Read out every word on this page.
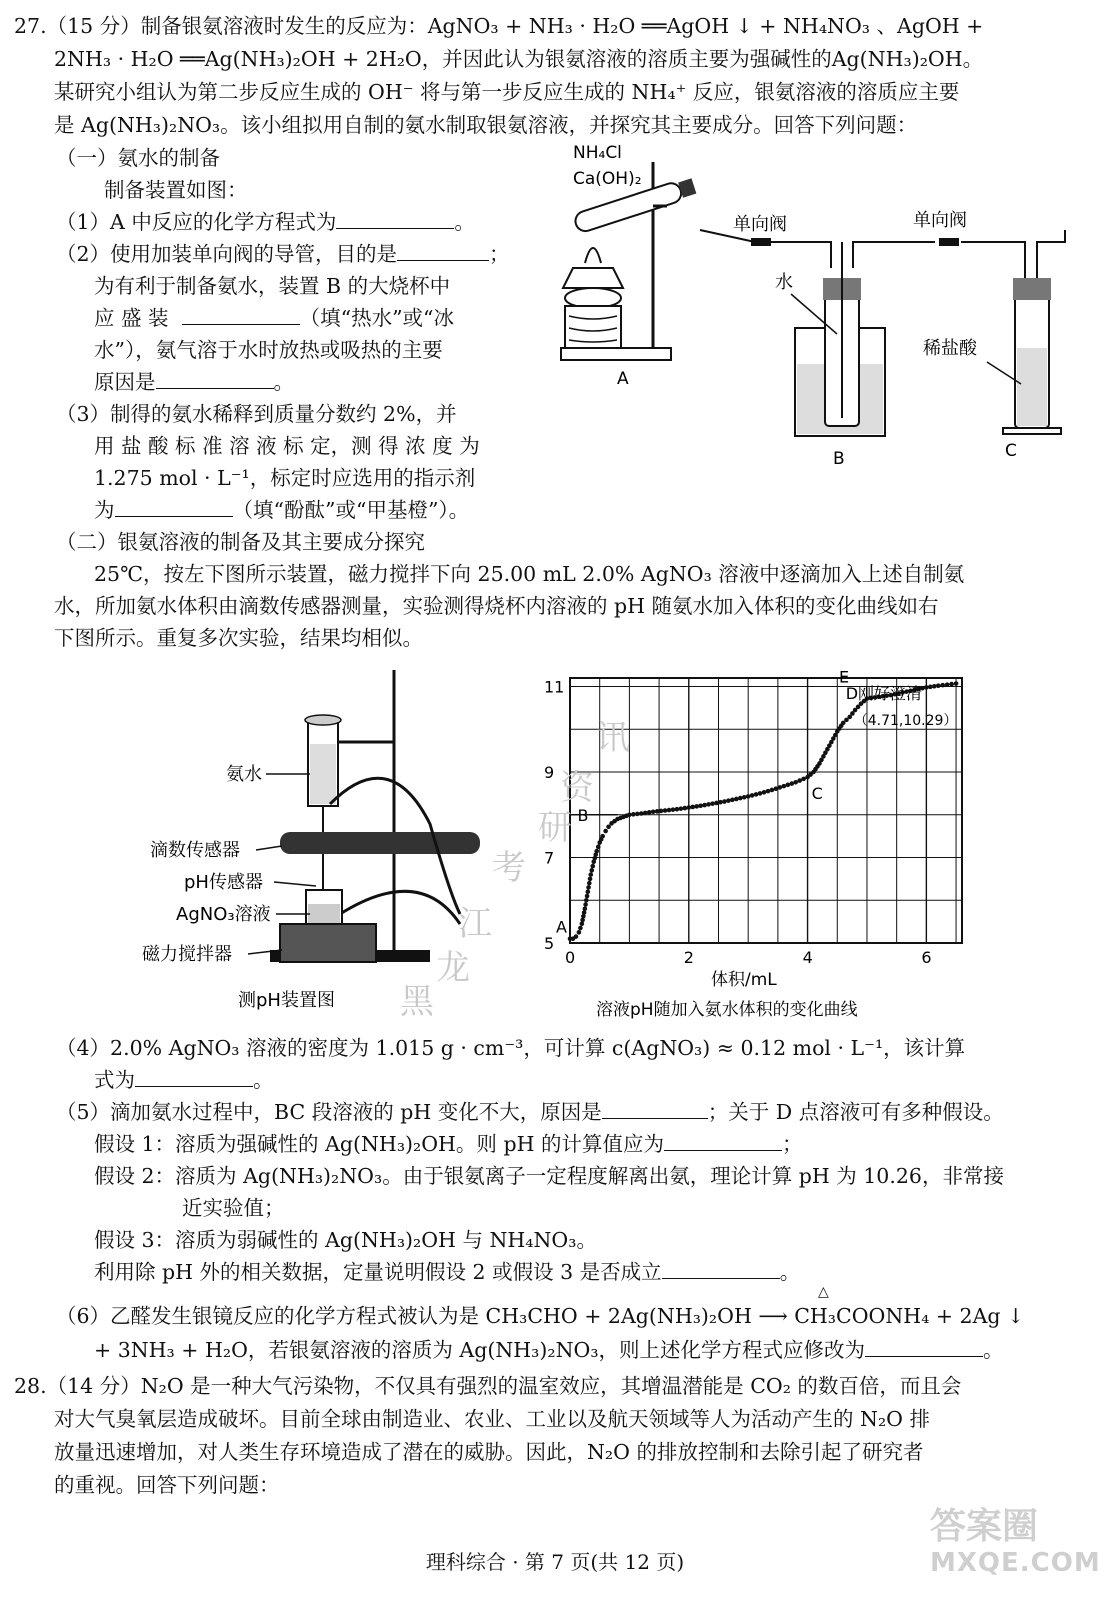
27.（15 分）制备银氨溶液时发生的反应为：AgNO₃ + NH₃ · H₂O ══AgOH ↓ + NH₄NO₃ 、AgOH +
2NH₃ · H₂O ══Ag(NH₃)₂OH + 2H₂O，并因此认为银氨溶液的溶质主要为强碱性的Ag(NH₃)₂OH。
某研究小组认为第二步反应生成的 OH⁻ 将与第一步反应生成的 NH₄⁺ 反应，银氨溶液的溶质应主要
是 Ag(NH₃)₂NO₃。该小组拟用自制的氨水制取银氨溶液，并探究其主要成分。回答下列问题：
（一）氨水的制备
制备装置如图：
（1）A 中反应的化学方程式为	。
（2）使用加装单向阀的导管，目的是	；
为有利于制备氨水，装置 B 的大烧杯中
应 盛 装	（填“热水”或“冰
水”），氨气溶于水时放热或吸热的主要
原因是	。
（3）制得的氨水稀释到质量分数约 2%，并
用 盐 酸 标 准 溶 液 标 定，测 得 浓 度 为
1.275 mol · L⁻¹，标定时应选用的指示剂
为	（填“酚酞”或“甲基橙”）。
NH₄Cl
Ca(OH)₂
单向阀
水
B
A
单向阀
稀盐酸
C
（二）银氨溶液的制备及其主要成分探究
25℃，按左下图所示装置，磁力搅拌下向 25.00 mL 2.0% AgNO₃ 溶液中逐滴加入上述自制氨
水，所加氨水体积由滴数传感器测量，实验测得烧杯内溶液的 pH 随氨水加入体积的变化曲线如右
下图所示。重复多次实验，结果均相似。
氨水
滴数传感器
pH传感器
AgNO₃溶液
磁力搅拌器
测pH装置图
0	2	4	6
5
7
9
11
A
B
C
D刚好澄清
E
（4.71,10.29）
体积/mL
溶液pH随加入氨水体积的变化曲线
（4）2.0% AgNO₃ 溶液的密度为 1.015 g · cm⁻³，可计算 c(AgNO₃) ≈ 0.12 mol · L⁻¹，该计算
式为	。
（5）滴加氨水过程中，BC 段溶液的 pH 变化不大，原因是	；关于 D 点溶液可有多种假设。
假设 1：溶质为强碱性的 Ag(NH₃)₂OH。则 pH 的计算值应为	；
假设 2：溶质为 Ag(NH₃)₂NO₃。由于银氨离子一定程度解离出氨，理论计算 pH 为 10.26，非常接
近实验值；
假设 3：溶质为弱碱性的 Ag(NH₃)₂OH 与 NH₄NO₃。
利用除 pH 外的相关数据，定量说明假设 2 或假设 3 是否成立	。
△
（6）乙醛发生银镜反应的化学方程式被认为是 CH₃CHO + 2Ag(NH₃)₂OH ⟶ CH₃COONH₄ + 2Ag ↓
+ 3NH₃ + H₂O，若银氨溶液的溶质为 Ag(NH₃)₂NO₃，则上述化学方程式应修改为	。
28.（14 分）N₂O 是一种大气污染物，不仅具有强烈的温室效应，其增温潜能是 CO₂ 的数百倍，而且会
对大气臭氧层造成破坏。目前全球由制造业、农业、工业以及航天领域等人为活动产生的 N₂O 排
放量迅速增加，对人类生存环境造成了潜在的威胁。因此，N₂O 的排放控制和去除引起了研究者
的重视。回答下列问题：
理科综合 · 第 7 页(共 12 页)
黑
龙
江
考
研
资
讯
答案圈
MXQE.COM
